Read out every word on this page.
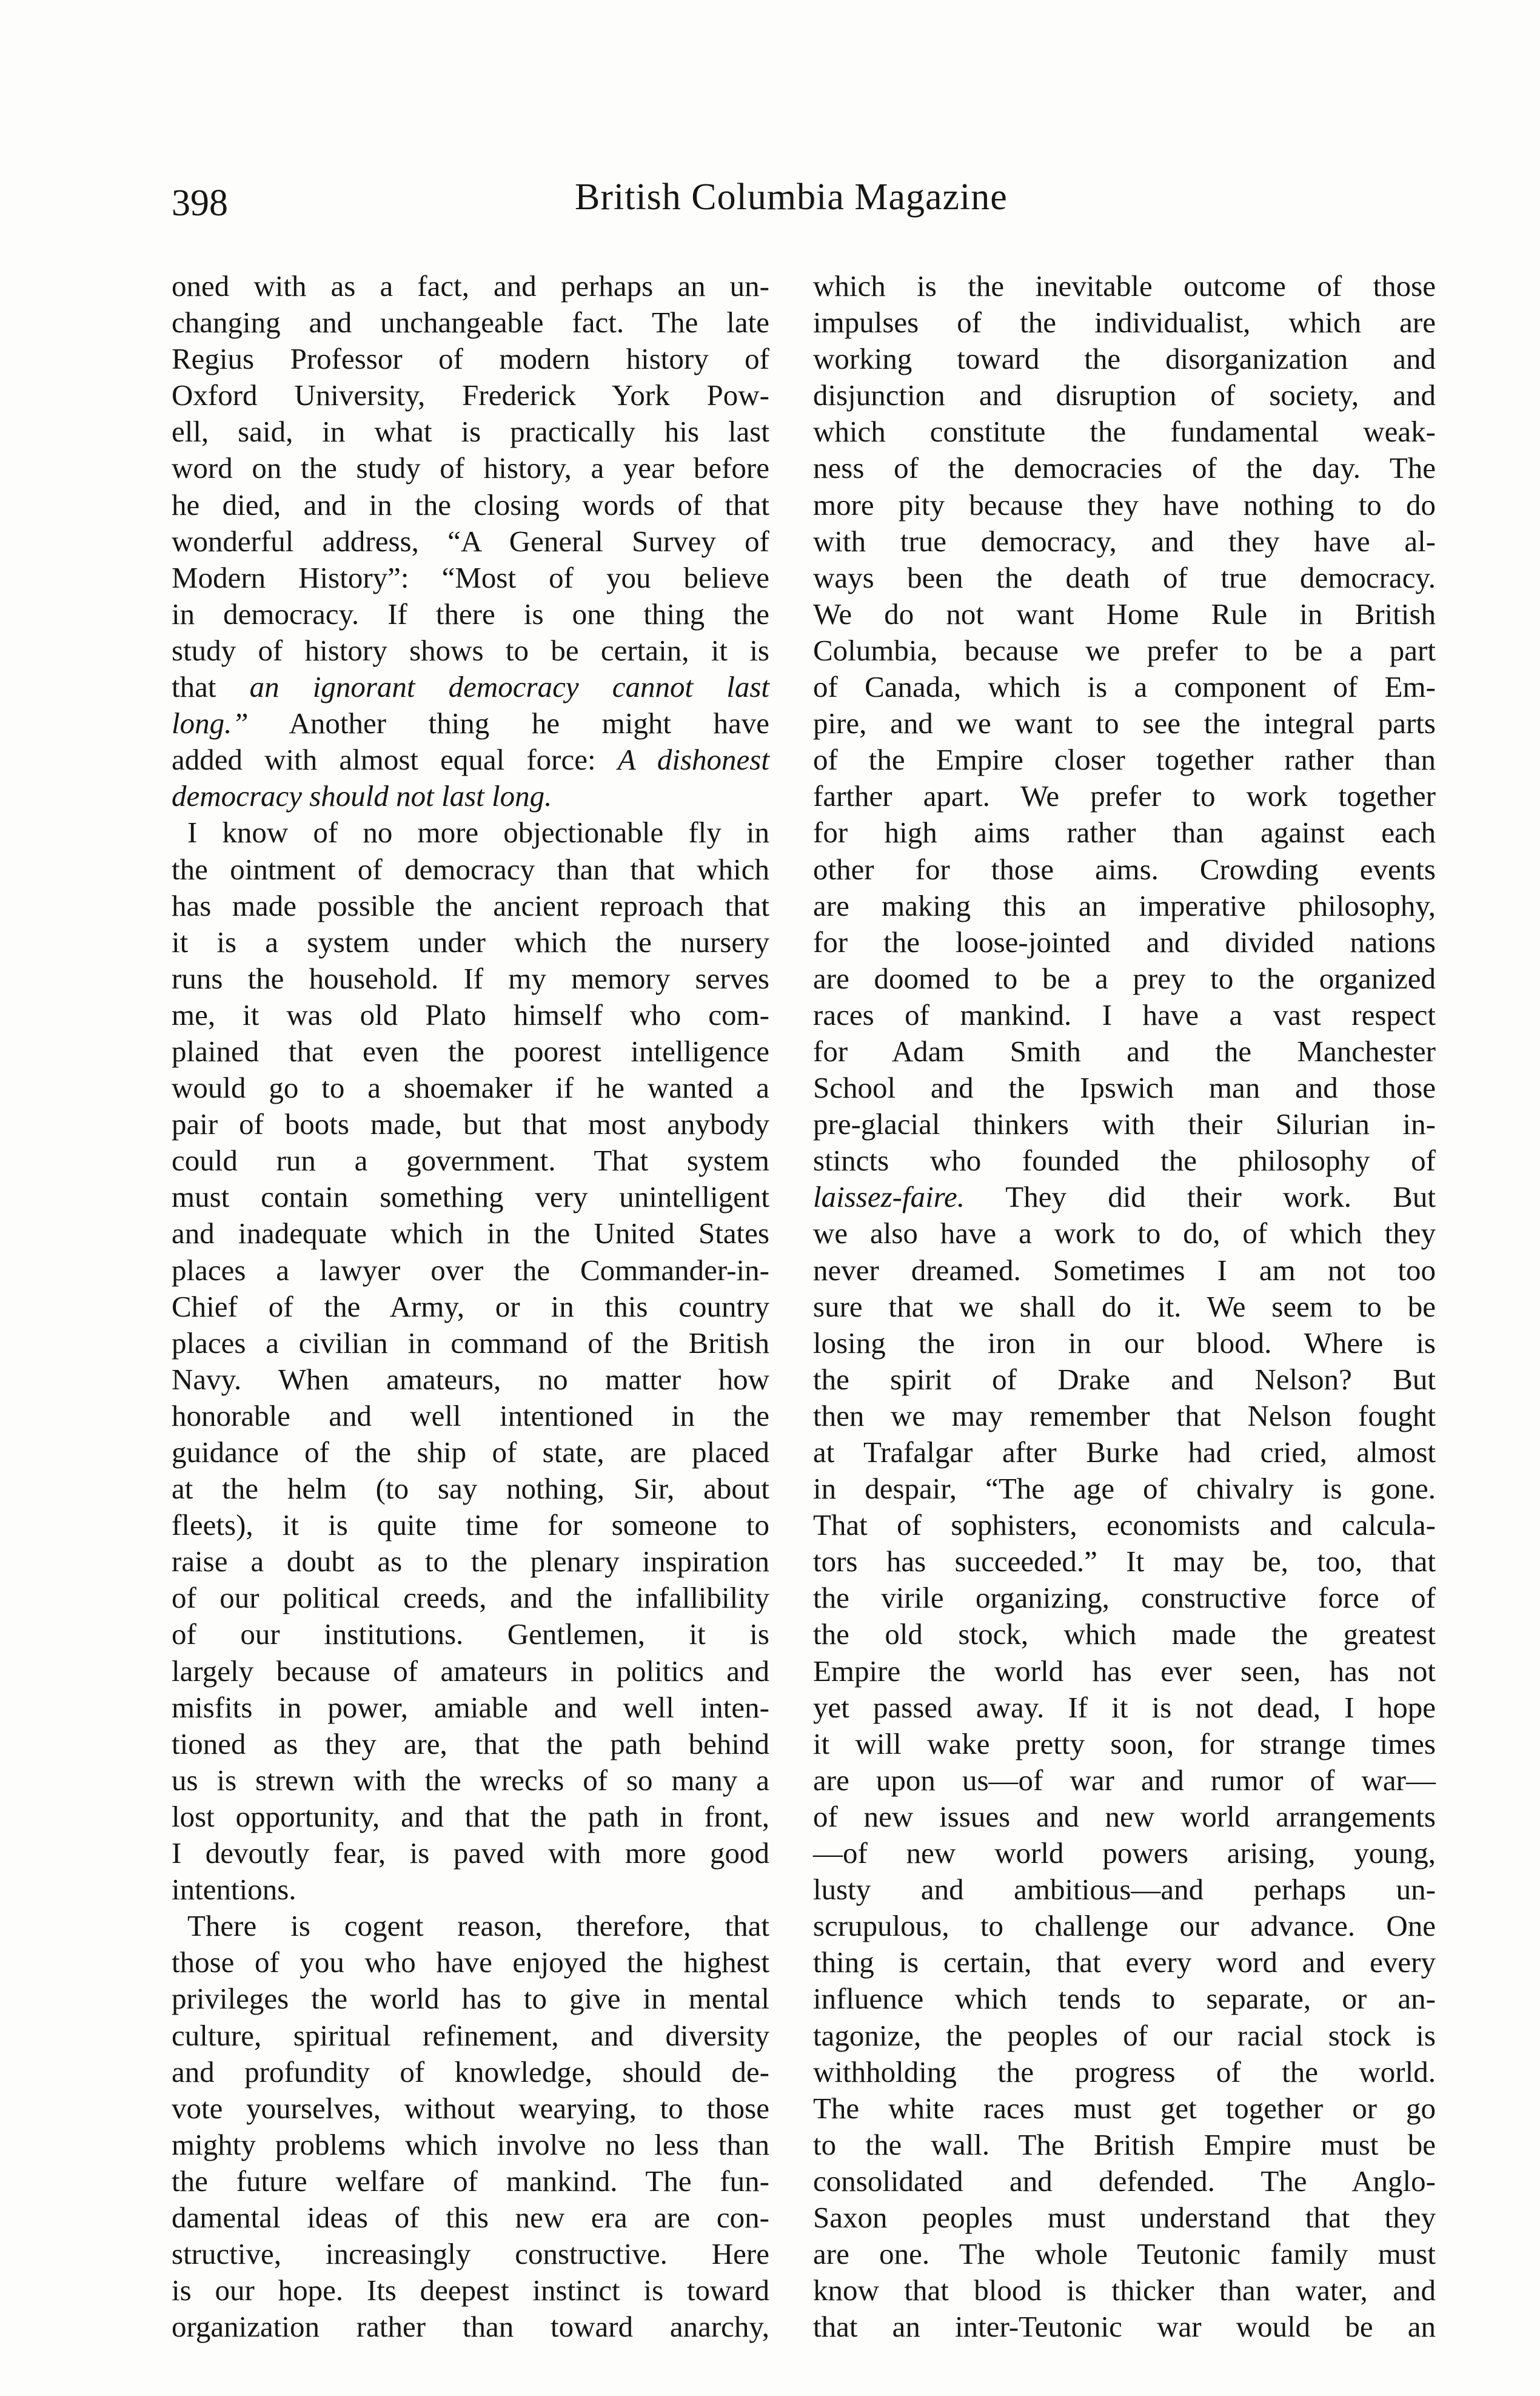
398	British Columbia Magazine
oned with as a fact, and perhaps an un-
changing and unchangeable fact. The late
Regius Professor of modern history of
Oxford University, Frederick York Pow-
ell, said, in what is practically his last
word on the study of history, a year before
he died, and in the closing words of that
wonderful address, “A General Survey of
Modern History”: “Most of you believe
in democracy. If there is one thing the
study of history shows to be certain, it is
that an ignorant democracy cannot last
long.” Another thing he might have
added with almost equal force: A dishonest
democracy should not last long.
I know of no more objectionable fly in
the ointment of democracy than that which
has made possible the ancient reproach that
it is a system under which the nursery
runs the household. If my memory serves
me, it was old Plato himself who com-
plained that even the poorest intelligence
would go to a shoemaker if he wanted a
pair of boots made, but that most anybody
could run a government. That system
must contain something very unintelligent
and inadequate which in the United States
places a lawyer over the Commander-in-
Chief of the Army, or in this country
places a civilian in command of the British
Navy. When amateurs, no matter how
honorable and well intentioned in the
guidance of the ship of state, are placed
at the helm (to say nothing, Sir, about
fleets), it is quite time for someone to
raise a doubt as to the plenary inspiration
of our political creeds, and the infallibility
of our institutions. Gentlemen, it is
largely because of amateurs in politics and
misfits in power, amiable and well inten-
tioned as they are, that the path behind
us is strewn with the wrecks of so many a
lost opportunity, and that the path in front,
I devoutly fear, is paved with more good
intentions.
There is cogent reason, therefore, that
those of you who have enjoyed the highest
privileges the world has to give in mental
culture, spiritual refinement, and diversity
and profundity of knowledge, should de-
vote yourselves, without wearying, to those
mighty problems which involve no less than
the future welfare of mankind. The fun-
damental ideas of this new era are con-
structive, increasingly constructive. Here
is our hope. Its deepest instinct is toward
organization rather than toward anarchy,
which is the inevitable outcome of those
impulses of the individualist, which are
working toward the disorganization and
disjunction and disruption of society, and
which constitute the fundamental weak-
ness of the democracies of the day. The
more pity because they have nothing to do
with true democracy, and they have al-
ways been the death of true democracy.
We do not want Home Rule in British
Columbia, because we prefer to be a part
of Canada, which is a component of Em-
pire, and we want to see the integral parts
of the Empire closer together rather than
farther apart. We prefer to work together
for high aims rather than against each
other for those aims. Crowding events
are making this an imperative philosophy,
for the loose-jointed and divided nations
are doomed to be a prey to the organized
races of mankind. I have a vast respect
for Adam Smith and the Manchester
School and the Ipswich man and those
pre-glacial thinkers with their Silurian in-
stincts who founded the philosophy of
laissez-faire. They did their work. But
we also have a work to do, of which they
never dreamed. Sometimes I am not too
sure that we shall do it. We seem to be
losing the iron in our blood. Where is
the spirit of Drake and Nelson? But
then we may remember that Nelson fought
at Trafalgar after Burke had cried, almost
in despair, “The age of chivalry is gone.
That of sophisters, economists and calcula-
tors has succeeded.” It may be, too, that
the virile organizing, constructive force of
the old stock, which made the greatest
Empire the world has ever seen, has not
yet passed away. If it is not dead, I hope
it will wake pretty soon, for strange times
are upon us—of war and rumor of war—
of new issues and new world arrangements
—of new world powers arising, young,
lusty and ambitious—and perhaps un-
scrupulous, to challenge our advance. One
thing is certain, that every word and every
influence which tends to separate, or an-
tagonize, the peoples of our racial stock is
withholding the progress of the world.
The white races must get together or go
to the wall. The British Empire must be
consolidated and defended. The Anglo-
Saxon peoples must understand that they
are one. The whole Teutonic family must
know that blood is thicker than water, and
that an inter-Teutonic war would be an
